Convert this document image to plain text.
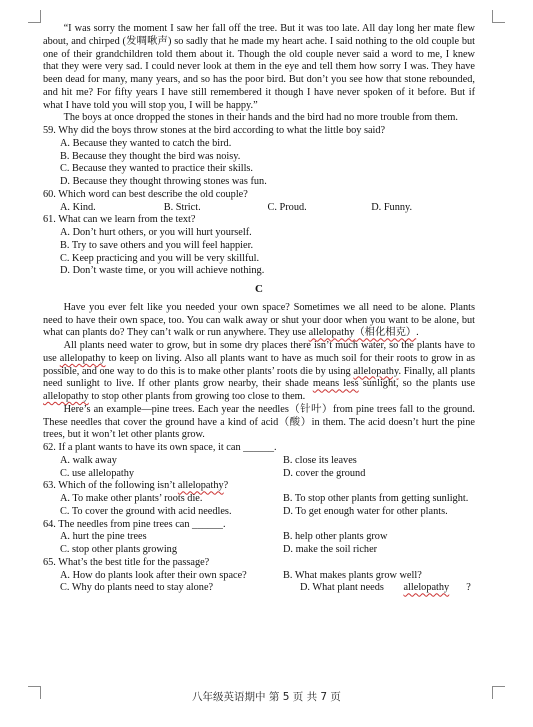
“I was sorry the moment I saw her fall off the tree. But it was too late. All day long her mate flew about, and chirped (发啁啾声) so sadly that he made my heart ache. I said nothing to the old couple but one of their grandchildren told them about it. Though the old couple never said a word to me, I knew that they were very sad. I could never look at them in the eye and tell them how sorry I was. They have been dead for many, many years, and so has the poor bird. But don’t you see how that stone rebounded, and hit me? For fifty years I have still remembered it though I have never spoken of it before. But if what I have told you will stop you, I will be happy.”

The boys at once dropped the stones in their hands and the bird had no more trouble from them.

59. Why did the boys throw stones at the bird according to what the little boy said?

A. Because they wanted to catch the bird.
B. Because they thought the bird was noisy.
C. Because they wanted to practice their skills.
D. Because they thought throwing stones was fun.

60. Which word can best describe the old couple?

A. Kind.	B. Strict.	C. Proud.	D. Funny.

61. What can we learn from the text?

A. Don’t hurt others, or you will hurt yourself.
B. Try to save others and you will feel happier.
C. Keep practicing and you will be very skillful.
D. Don’t waste time, or you will achieve nothing.
C

Have you ever felt like you needed your own space? Sometimes we all need to be alone. Plants need to have their own space, too. You can walk away or shut your door when you want to be alone, but what can plants do? They can’t walk or run anywhere. They use allelopathy（相化相克）.

All plants need water to grow, but in some dry places there isn’t much water, so the plants have to use allelopathy to keep on living. Also all plants want to have as much soil for their roots to grow in as possible, and one way to do this is to make other plants’ roots die by using allelopathy. Finally, all plants need sunlight to live. If other plants grow nearby, their shade means less sunlight, so the plants use allelopathy to stop other plants from growing too close to them.

Here’s an example—pine trees. Each year the needles（针叶）from pine trees fall to the ground. These needles that cover the ground have a kind of acid（酸）in them. The acid doesn’t hurt the pine trees, but it won’t let other plants grow.

62. If a plant wants to have its own space, it can ______.

A. walk away	B. close its leaves
C. use allelopathy	D. cover the ground

63. Which of the following isn’t allelopathy?

A. To make other plants’ roots die.	B. To stop other plants from getting sunlight.
C. To cover the ground with acid needles.	D. To get enough water for other plants.

64. The needles from pine trees can ______.

A. hurt the pine trees	B. help other plants grow
C. stop other plants growing	D. make the soil richer

65. What’s the best title for the passage?

A. How do plants look after their own space?	B. What makes plants grow well?
C. Why do plants need to stay alone?	D. What plant needs allelopathy ?
八年级英语期中 第 5 页 共 7 页
